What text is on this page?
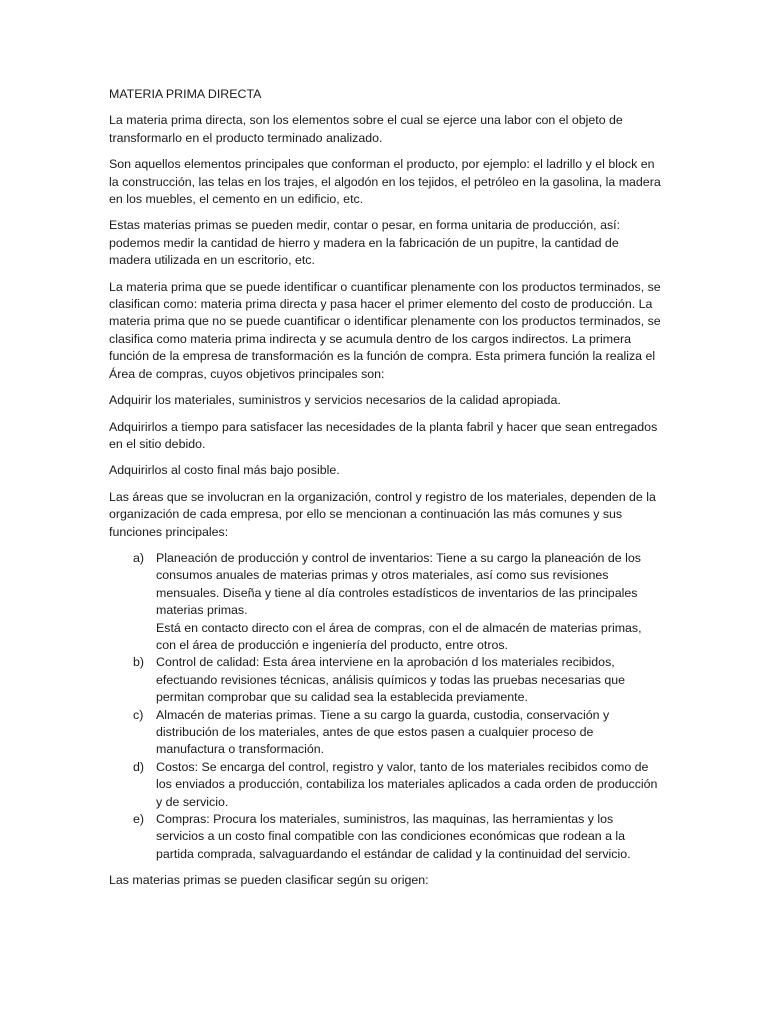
MATERIA PRIMA DIRECTA

La materia prima directa, son los elementos sobre el cual se ejerce una labor con el objeto de transformarlo en el producto terminado analizado.

Son aquellos elementos principales que conforman el producto, por ejemplo: el ladrillo y el block en la construcción, las telas en los trajes, el algodón en los tejidos, el petróleo en la gasolina, la madera en los muebles, el cemento en un edificio, etc.

Estas materias primas se pueden medir, contar o pesar, en forma unitaria de producción, así: podemos medir la cantidad de hierro y madera en la fabricación de un pupitre, la cantidad de madera utilizada en un escritorio, etc.

La materia prima que se puede identificar o cuantificar plenamente con los productos terminados, se clasifican como: materia prima directa y pasa hacer el primer elemento del costo de producción. La materia prima que no se puede cuantificar o identificar plenamente con los productos terminados, se clasifica como materia prima indirecta y se acumula dentro de los cargos indirectos. La primera función de la empresa de transformación es la función de compra. Esta primera función la realiza el Área de compras, cuyos objetivos principales son:

Adquirir los materiales, suministros y servicios necesarios de la calidad apropiada.

Adquirirlos a tiempo para satisfacer las necesidades de la planta fabril y hacer que sean entregados en el sitio debido.

Adquirirlos al costo final más bajo posible.

Las áreas que se involucran en la organización, control y registro de los materiales, dependen de la organización de cada empresa, por ello se mencionan a continuación las más comunes y sus funciones principales:

a) Planeación de producción y control de inventarios: Tiene a su cargo la planeación de los consumos anuales de materias primas y otros materiales, así como sus revisiones mensuales. Diseña y tiene al día controles estadísticos de inventarios de las principales materias primas.
Está en contacto directo con el área de compras, con el de almacén de materias primas, con el área de producción e ingeniería del producto, entre otros.
b) Control de calidad: Esta área interviene en la aprobación d los materiales recibidos, efectuando revisiones técnicas, análisis químicos y todas las pruebas necesarias que permitan comprobar que su calidad sea la establecida previamente.
c) Almacén de materias primas. Tiene a su cargo la guarda, custodia, conservación y distribución de los materiales, antes de que estos pasen a cualquier proceso de manufactura o transformación.
d) Costos: Se encarga del control, registro y valor, tanto de los materiales recibidos como de los enviados a producción, contabiliza los materiales aplicados a cada orden de producción y de servicio.
e) Compras: Procura los materiales, suministros, las maquinas, las herramientas y los servicios a un costo final compatible con las condiciones económicas que rodean a la partida comprada, salvaguardando el estándar de calidad y la continuidad del servicio.

Las materias primas se pueden clasificar según su origen:
